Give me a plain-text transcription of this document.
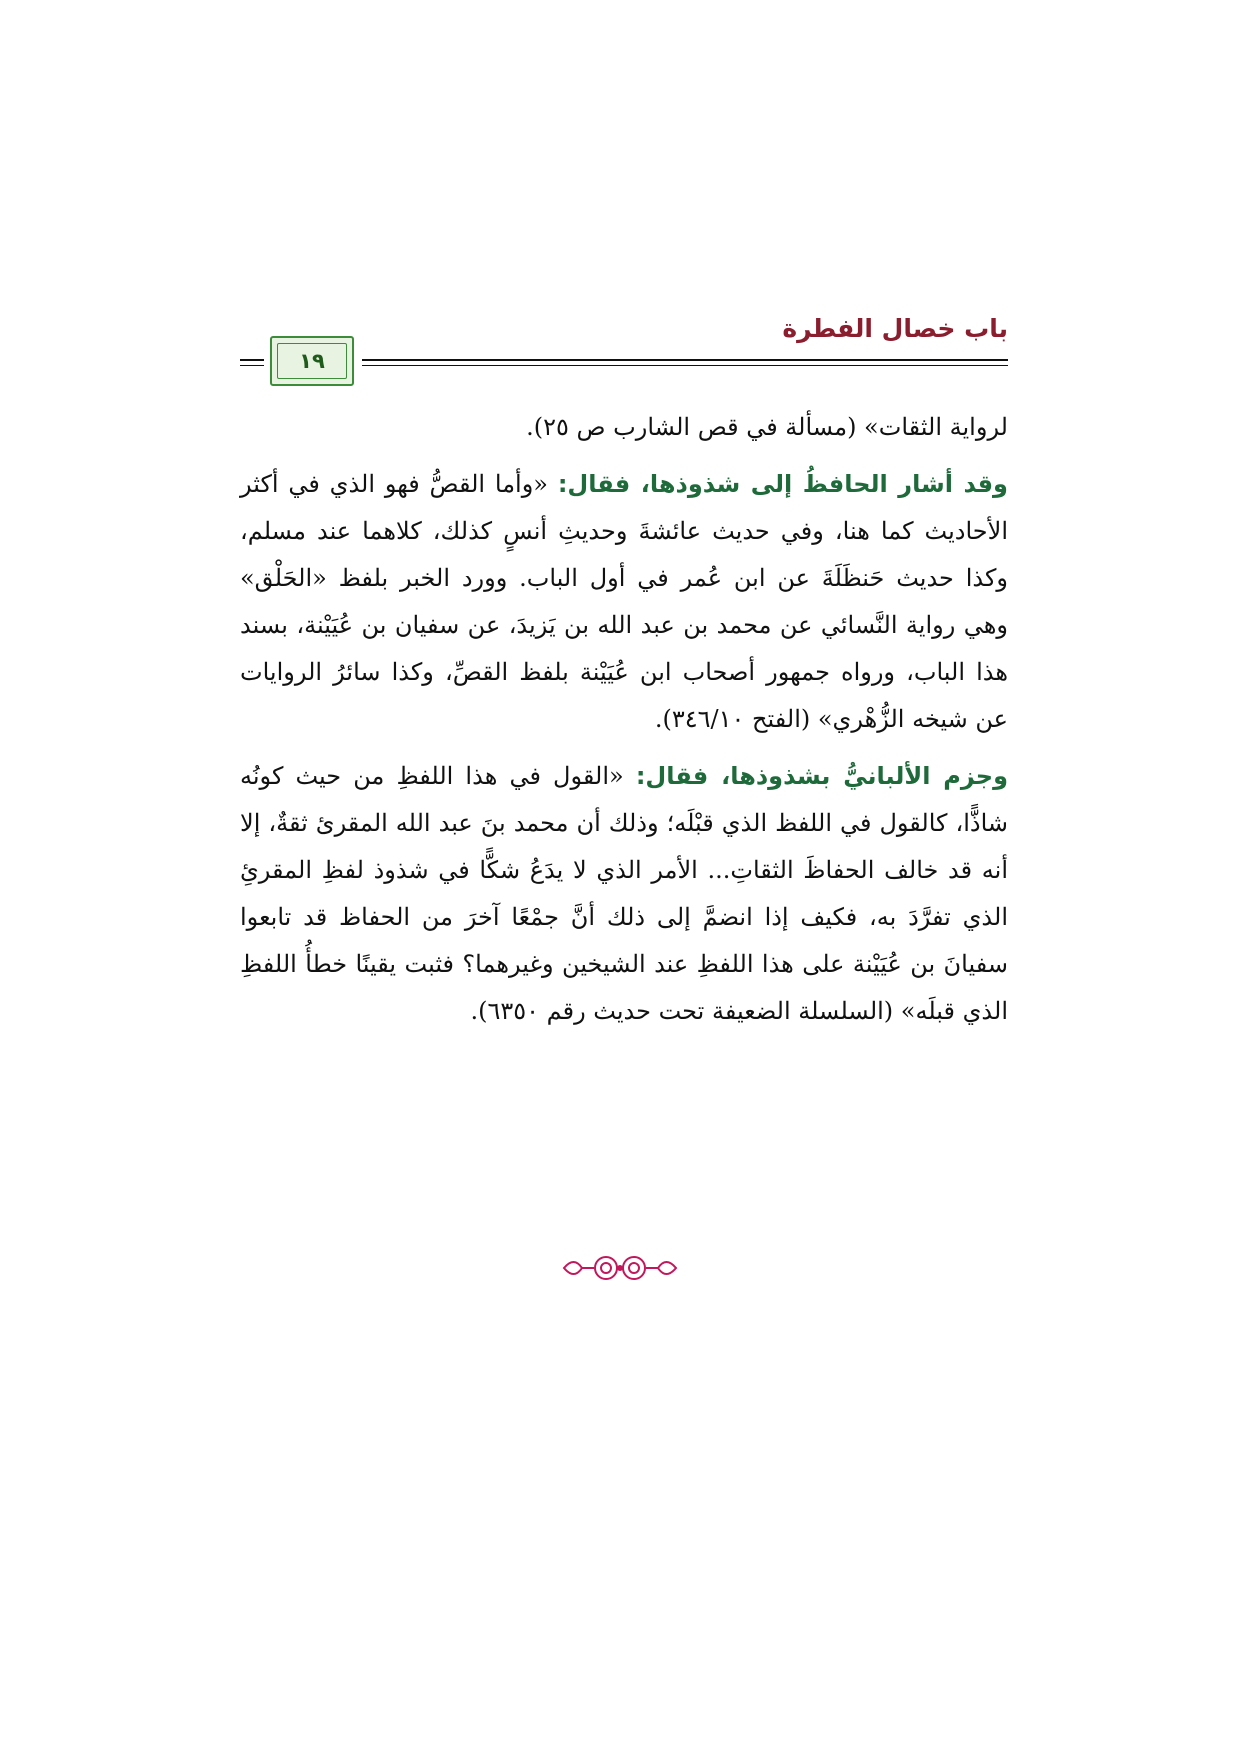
١٩
باب خصال الفطرة

لرواية الثقات» (مسألة في قص الشارب ص ٢٥).

وقد أشار الحافظُ إلى شذوذها، فقال: «وأما القصُّ فهو الذي في أكثر الأحاديث كما هنا، وفي حديث عائشةَ وحديثِ أنسٍ كذلك، كلاهما عند مسلم، وكذا حديث حَنظَلَةَ عن ابن عُمر في أول الباب. وورد الخبر بلفظ «الحَلْق» وهي رواية النَّسائي عن محمد بن عبد الله بن يَزيدَ، عن سفيان بن عُيَيْنة، بسند هذا الباب، ورواه جمهور أصحاب ابن عُيَيْنة بلفظ القصِّ، وكذا سائرُ الروايات عن شيخه الزُّهْري» (الفتح ٣٤٦/١٠).

وجزم الألبانيُّ بشذوذها، فقال: «القول في هذا اللفظِ من حيث كونُه شاذًّا، كالقول في اللفظ الذي قبْلَه؛ وذلك أن محمد بنَ عبد الله المقرئ ثقةٌ، إلا أنه قد خالف الحفاظَ الثقاتِ... الأمر الذي لا يدَعُ شكًّا في شذوذ لفظِ المقرئِ الذي تفرَّدَ به، فكيف إذا انضمَّ إلى ذلك أنَّ جمْعًا آخرَ من الحفاظ قد تابعوا سفيانَ بن عُيَيْنة على هذا اللفظِ عند الشيخين وغيرهما؟ فثبت يقينًا خطأُ اللفظِ الذي قبلَه» (السلسلة الضعيفة تحت حديث رقم ٦٣٥٠).
